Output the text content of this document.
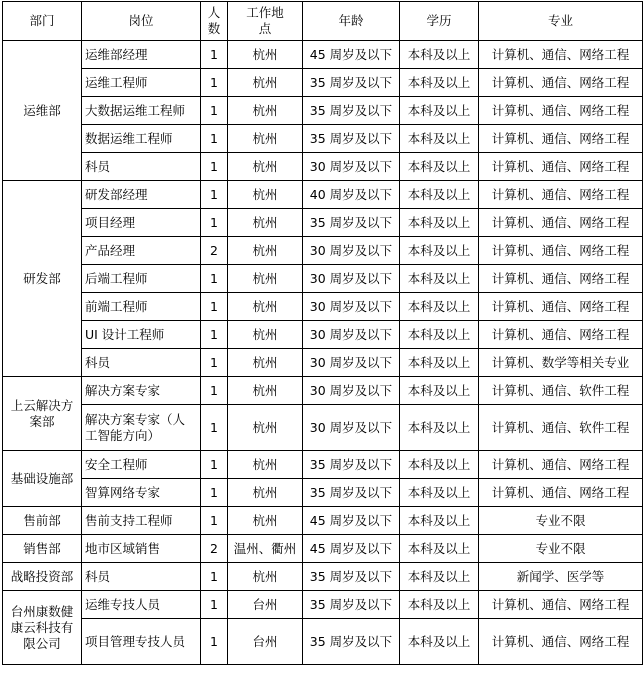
部门	岗位	人数	工作地点	年龄	学历	专业
运维部	运维部经理	1	杭州	45 周岁及以下	本科及以上	计算机、通信、网络工程
	运维工程师	1	杭州	35 周岁及以下	本科及以上	计算机、通信、网络工程
	大数据运维工程师	1	杭州	35 周岁及以下	本科及以上	计算机、通信、网络工程
	数据运维工程师	1	杭州	35 周岁及以下	本科及以上	计算机、通信、网络工程
	科员	1	杭州	30 周岁及以下	本科及以上	计算机、通信、网络工程
研发部	研发部经理	1	杭州	40 周岁及以下	本科及以上	计算机、通信、网络工程
	项目经理	1	杭州	35 周岁及以下	本科及以上	计算机、通信、网络工程
	产品经理	2	杭州	30 周岁及以下	本科及以上	计算机、通信、网络工程
	后端工程师	1	杭州	30 周岁及以下	本科及以上	计算机、通信、网络工程
	前端工程师	1	杭州	30 周岁及以下	本科及以上	计算机、通信、网络工程
	UI 设计工程师	1	杭州	30 周岁及以下	本科及以上	计算机、通信、网络工程
	科员	1	杭州	30 周岁及以下	本科及以上	计算机、数学等相关专业
上云解决方案部	解决方案专家	1	杭州	30 周岁及以下	本科及以上	计算机、通信、软件工程
	解决方案专家（人工智能方向）	1	杭州	30 周岁及以下	本科及以上	计算机、通信、软件工程
基础设施部	安全工程师	1	杭州	35 周岁及以下	本科及以上	计算机、通信、网络工程
	智算网络专家	1	杭州	35 周岁及以下	本科及以上	计算机、通信、网络工程
售前部	售前支持工程师	1	杭州	45 周岁及以下	本科及以上	专业不限
销售部	地市区域销售	2	温州、衢州	45 周岁及以下	本科及以上	专业不限
战略投资部	科员	1	杭州	35 周岁及以下	本科及以上	新闻学、医学等
台州康数健康云科技有限公司	运维专技人员	1	台州	35 周岁及以下	本科及以上	计算机、通信、网络工程
	项目管理专技人员	1	台州	35 周岁及以下	本科及以上	计算机、通信、网络工程
